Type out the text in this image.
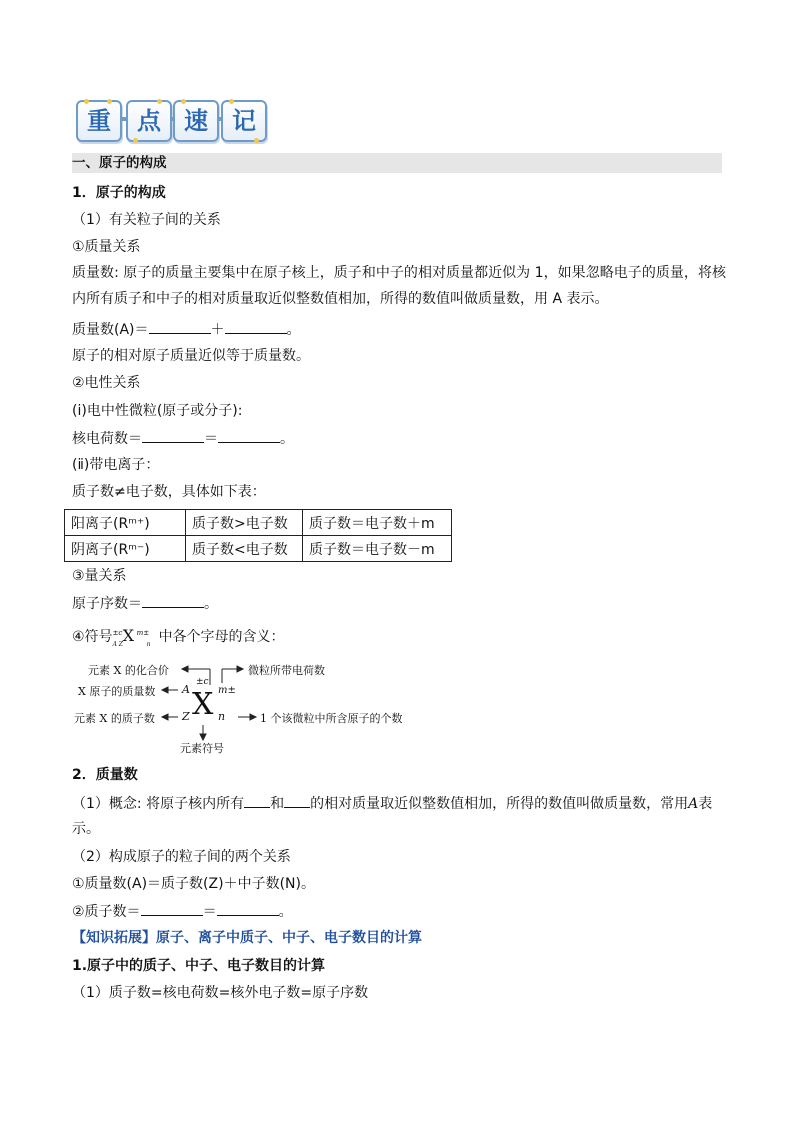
重	点 速	记
一、原子的构成
1．原子的构成
（1）有关粒子间的关系
①质量关系
质量数: 原子的质量主要集中在原子核上，质子和中子的相对质量都近似为 1，如果忽略电子的质量，将核内所有质子和中子的相对质量取近似整数值相加，所得的数值叫做质量数，用 A 表示。
质量数(A)＝	＋	。
原子的相对原子质量近似等于质量数。
②电性关系
(ⅰ)电中性微粒(原子或分子):
核电荷数＝	＝	。
(ⅱ)带电离子：
质子数≠电子数，具体如下表：
阳离子(Rᵐ⁺)	质子数>电子数	质子数＝电子数＋m
阴离子(Rᵐ⁻)	质子数<电子数	质子数＝电子数－m
③量关系
原子序数＝	。
④符号 ±c
A Z X m±
n 中各个字母的含义：
元素 X 的化合价
X 原子的质量数
元素 X 的质子数
元素符号
微粒所带电荷数
1 个该微粒中所含原子的个数
A
Z
±c
m±
n
X
2．质量数
（1）概念: 将原子核内所有 和 的相对质量取近似整数值相加，所得的数值叫做质量数，常用A表
示。
（2）构成原子的粒子间的两个关系
①质量数(A)＝质子数(Z)＋中子数(N)。
②质子数＝	＝	。
【知识拓展】原子、离子中质子、中子、电子数目的计算
1.原子中的质子、中子、电子数目的计算
（1）质子数=核电荷数=核外电子数=原子序数
